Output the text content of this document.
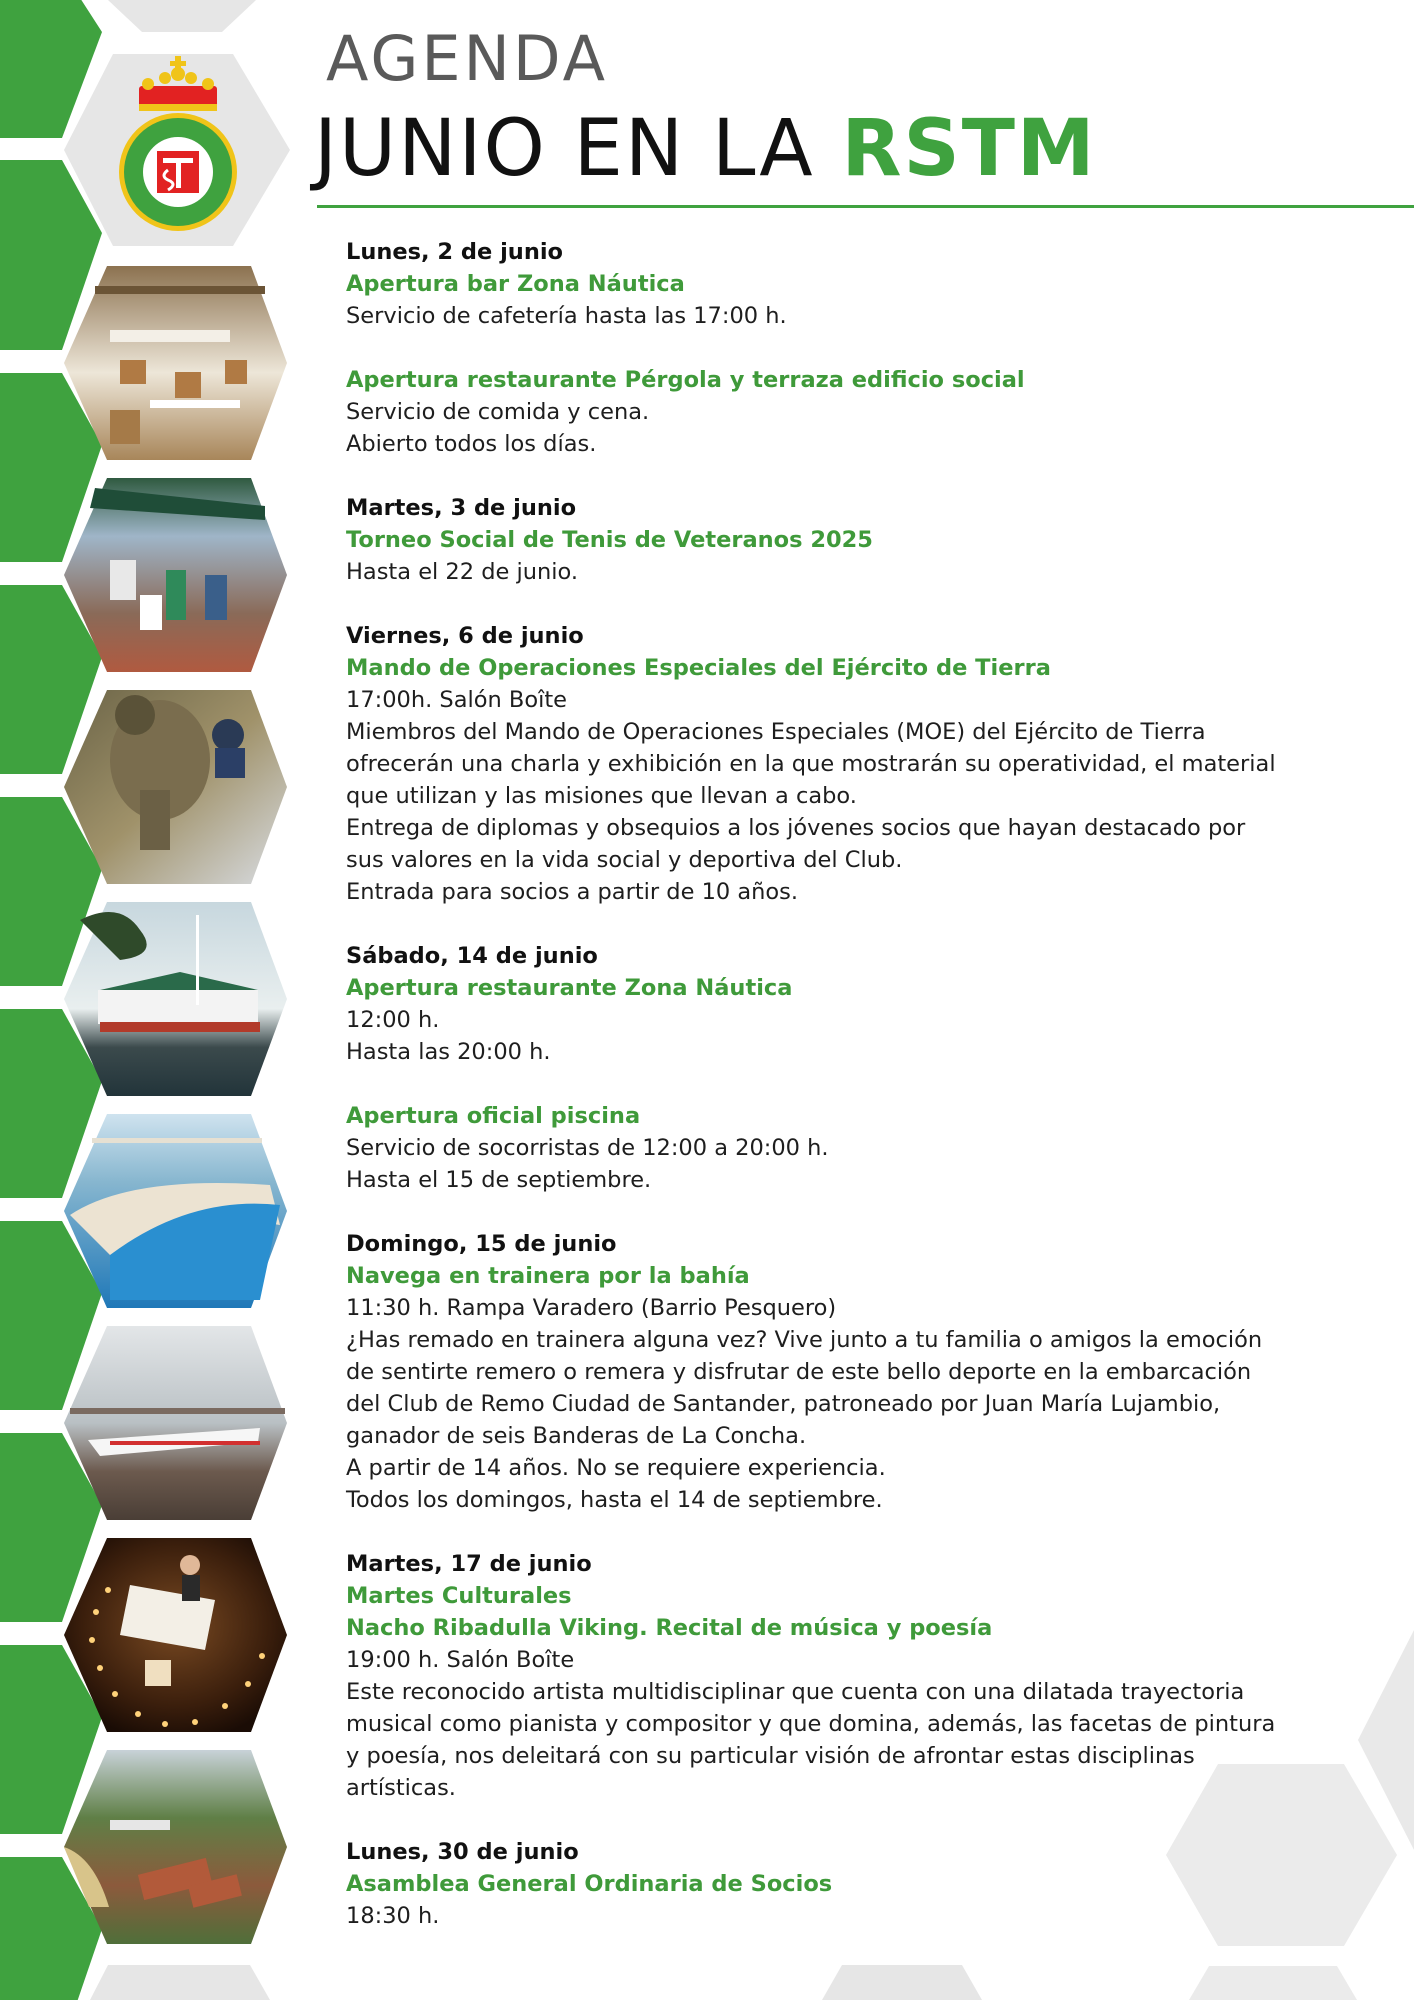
AGENDA
JUNIO EN LA RSTM
Lunes, 2 de junio
Apertura bar Zona Náutica
Servicio de cafetería hasta las 17:00 h.
Apertura restaurante Pérgola y terraza edificio social
Servicio de comida y cena.
Abierto todos los días.
Martes, 3 de junio
Torneo Social de Tenis de Veteranos 2025
Hasta el 22 de junio.
Viernes, 6 de junio
Mando de Operaciones Especiales del Ejército de Tierra
17:00h. Salón Boîte
Miembros del Mando de Operaciones Especiales (MOE) del Ejército de Tierra
ofrecerán una charla y exhibición en la que mostrarán su operatividad, el material
que utilizan y las misiones que llevan a cabo.
Entrega de diplomas y obsequios a los jóvenes socios que hayan destacado por
sus valores en la vida social y deportiva del Club.
Entrada para socios a partir de 10 años.
Sábado, 14 de junio
Apertura restaurante Zona Náutica
12:00 h.
Hasta las 20:00 h.
Apertura oficial piscina
Servicio de socorristas de 12:00 a 20:00 h.
Hasta el 15 de septiembre.
Domingo, 15 de junio
Navega en trainera por la bahía
11:30 h. Rampa Varadero (Barrio Pesquero)
¿Has remado en trainera alguna vez? Vive junto a tu familia o amigos la emoción
de sentirte remero o remera y disfrutar de este bello deporte en la embarcación
del Club de Remo Ciudad de Santander, patroneado por Juan María Lujambio,
ganador de seis Banderas de La Concha.
A partir de 14 años. No se requiere experiencia.
Todos los domingos, hasta el 14 de septiembre.
Martes, 17 de junio
Martes Culturales
Nacho Ribadulla Viking. Recital de música y poesía
19:00 h. Salón Boîte
Este reconocido artista multidisciplinar que cuenta con una dilatada trayectoria
musical como pianista y compositor y que domina, además, las facetas de pintura
y poesía, nos deleitará con su particular visión de afrontar estas disciplinas
artísticas.
Lunes, 30 de junio
Asamblea General Ordinaria de Socios
18:30 h.
